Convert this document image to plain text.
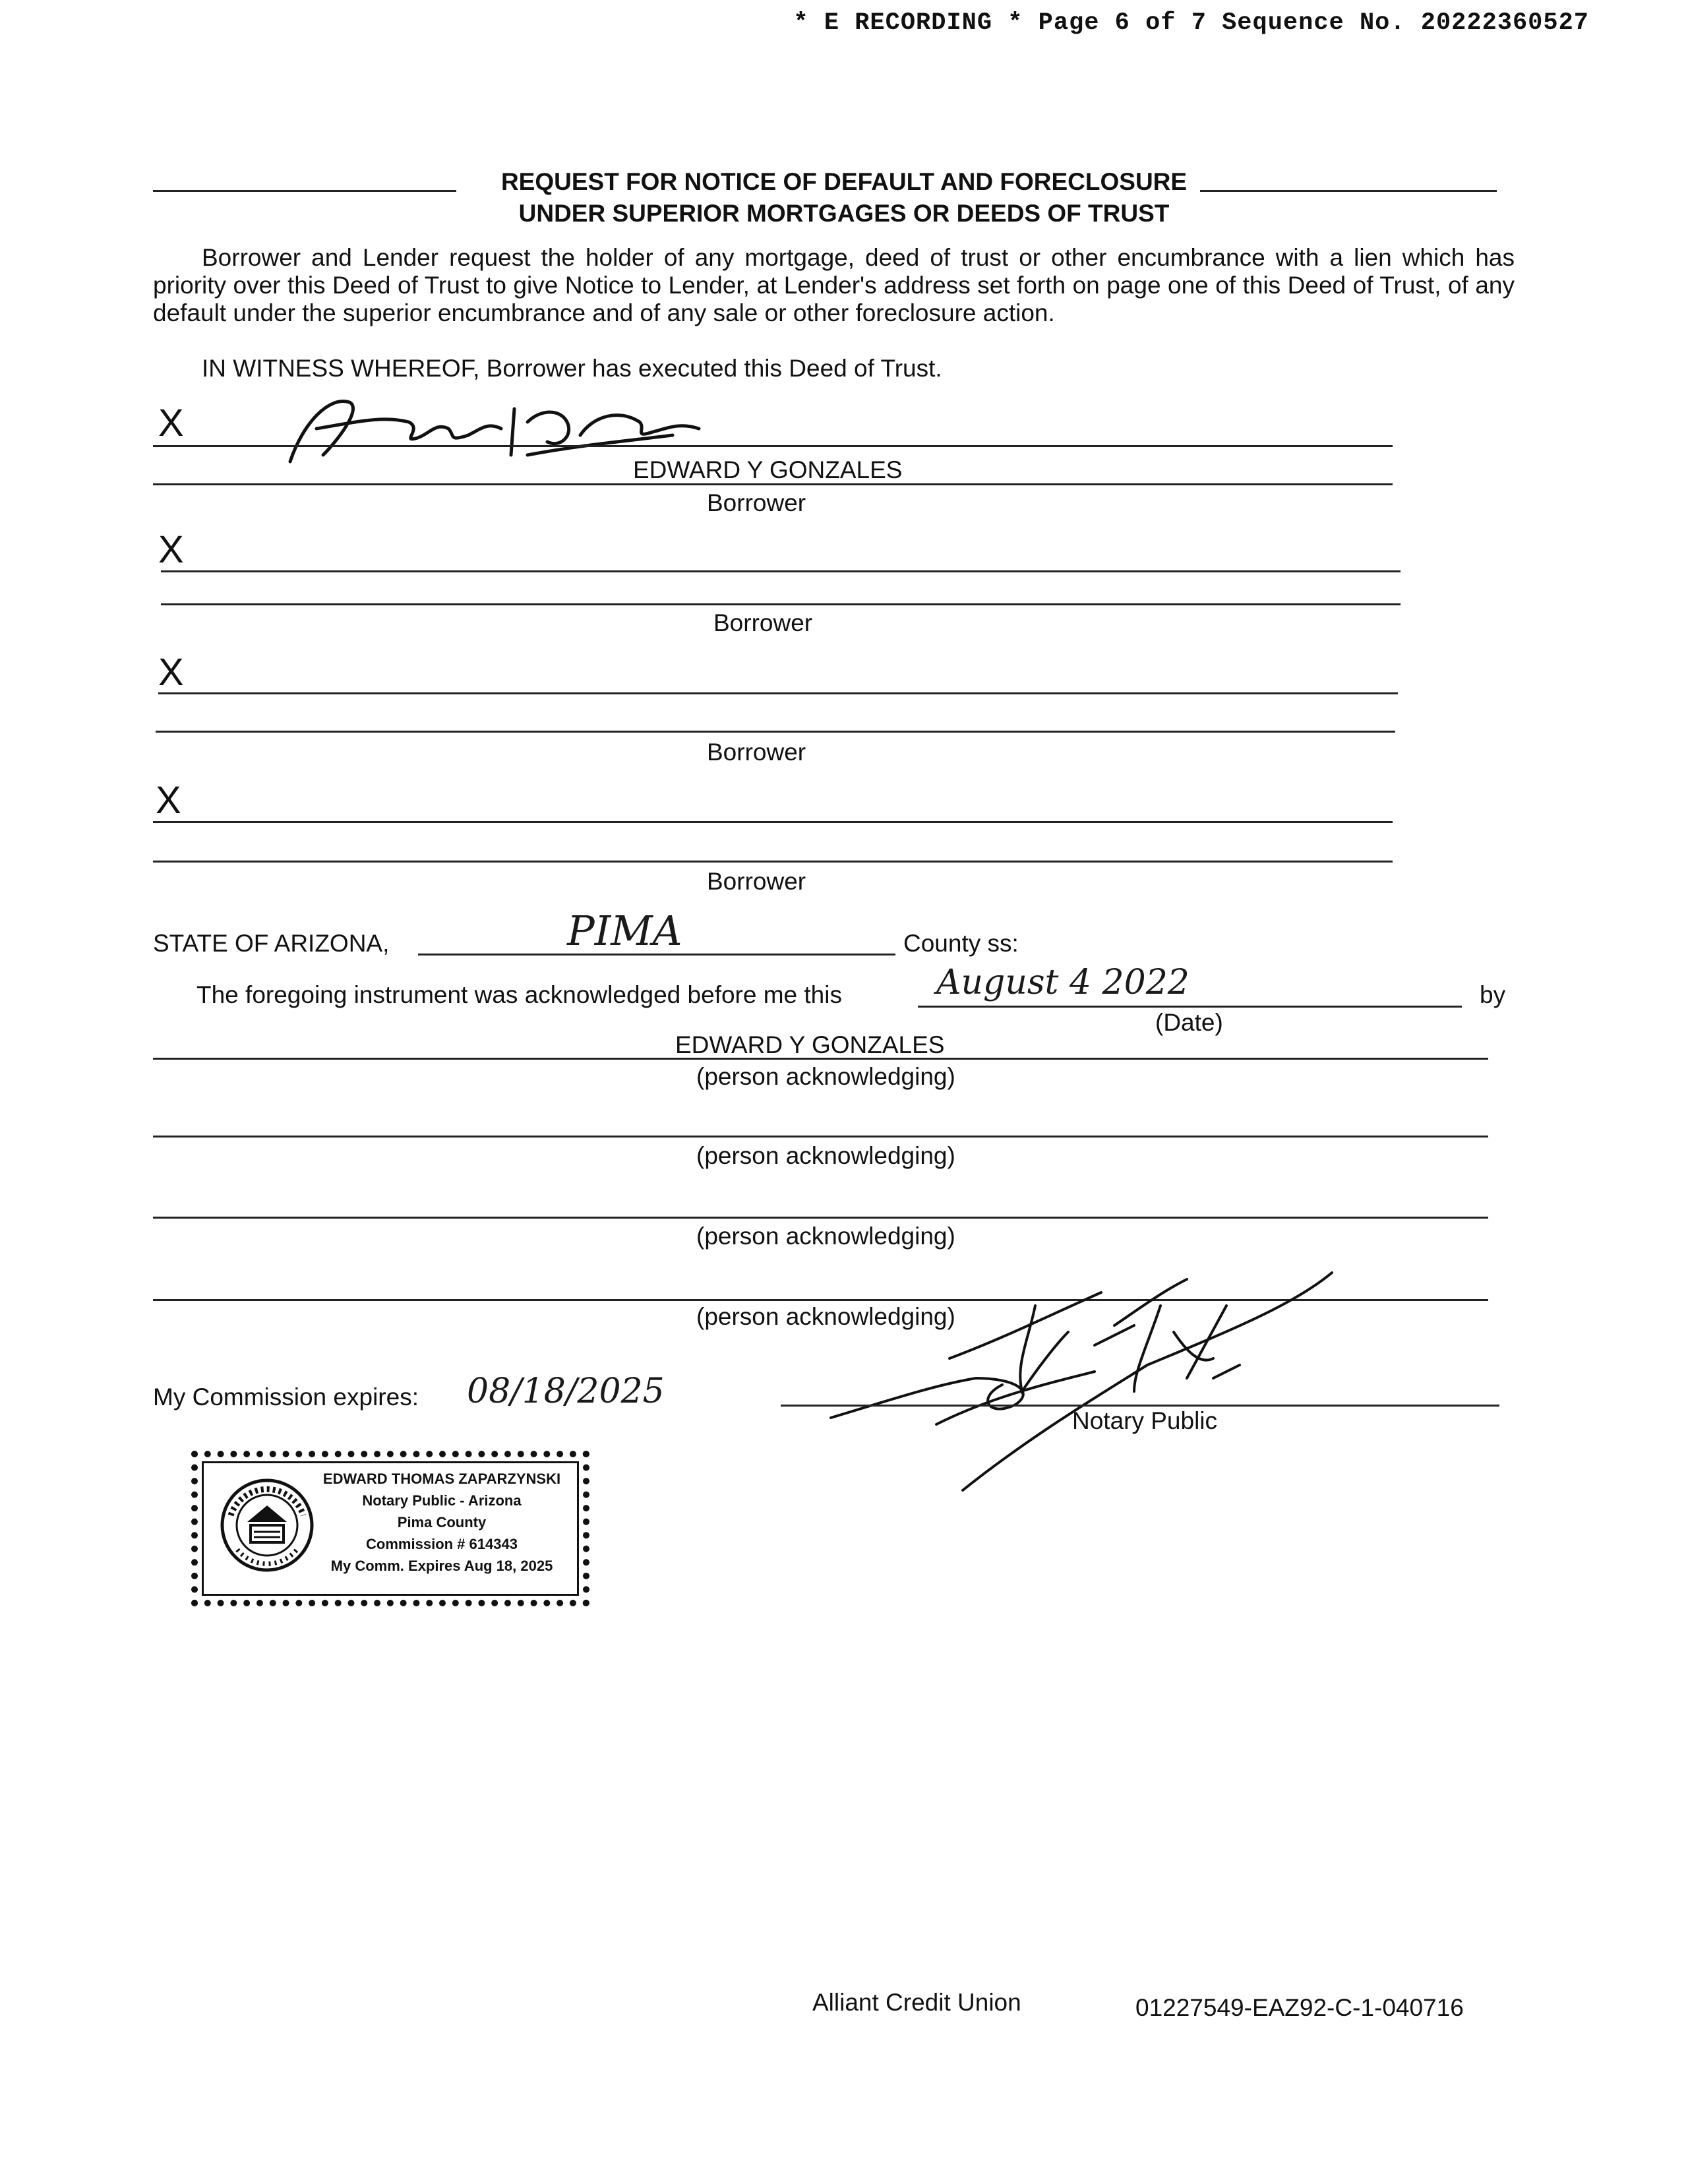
* E RECORDING * Page 6 of 7 Sequence No. 20222360527
REQUEST FOR NOTICE OF DEFAULT AND FORECLOSURE
UNDER SUPERIOR MORTGAGES OR DEEDS OF TRUST
Borrower and Lender request the holder of any mortgage, deed of trust or other encumbrance with a lien which has priority over this Deed of Trust to give Notice to Lender, at Lender's address set forth on page one of this Deed of Trust, of any default under the superior encumbrance and of any sale or other foreclosure action.
IN WITNESS WHEREOF, Borrower has executed this Deed of Trust.
X
EDWARD Y GONZALES
Borrower
X
Borrower
X
Borrower
X
Borrower
STATE OF ARIZONA,	PIMA	County ss:
The foregoing instrument was acknowledged before me this	August 4 2022	by
(Date)
EDWARD Y GONZALES
(person acknowledging)
(person acknowledging)
(person acknowledging)
(person acknowledging)
My Commission expires: 08/18/2025
Notary Public
EDWARD THOMAS ZAPARZYNSKI
Notary Public - Arizona
Pima County
Commission # 614343
My Comm. Expires Aug 18, 2025
Alliant Credit Union	01227549-EAZ92-C-1-040716
